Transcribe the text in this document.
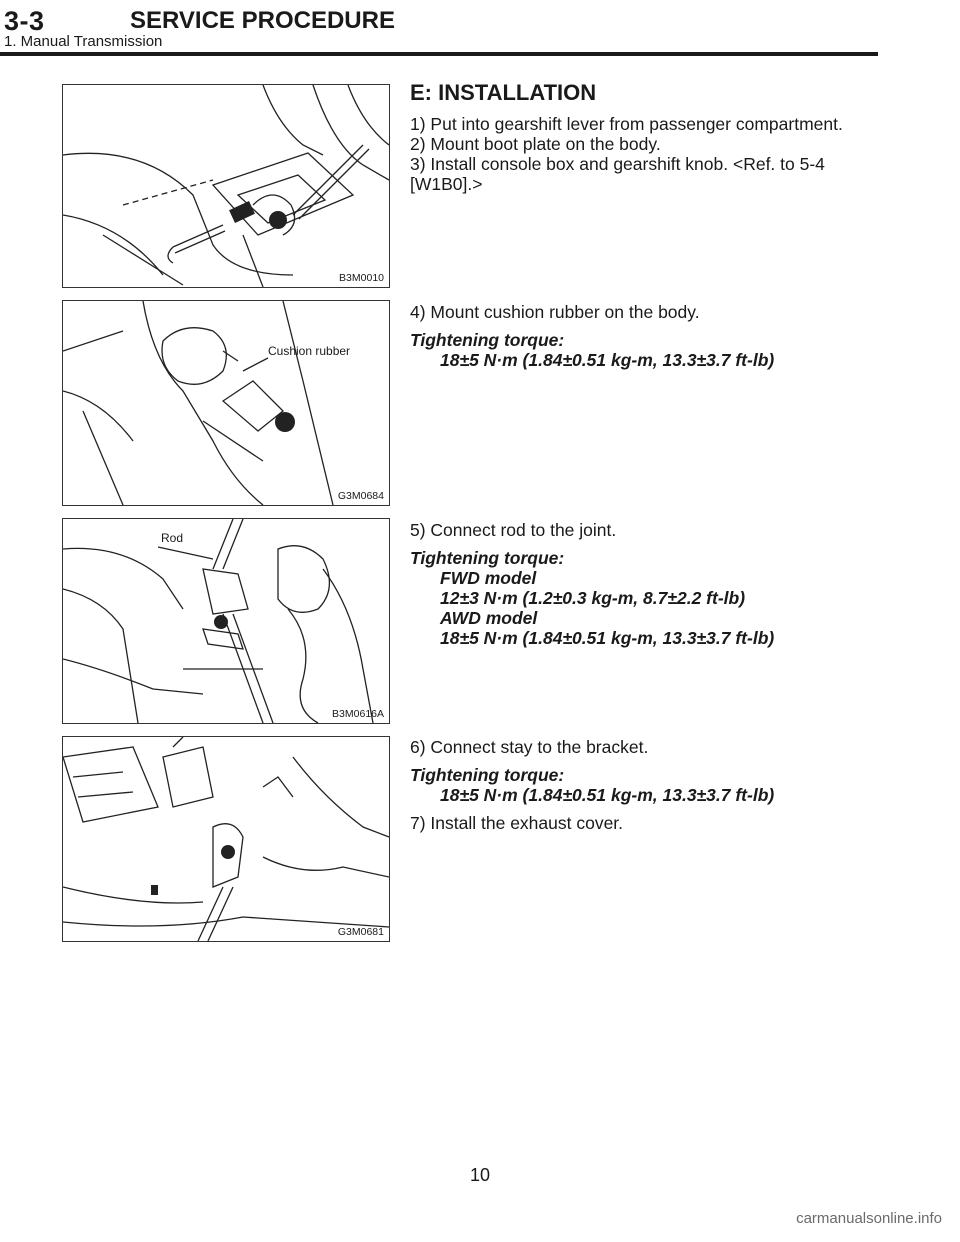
3-3	SERVICE PROCEDURE
1. Manual Transmission
B3M0010
Cushion rubber
G3M0684
Rod
B3M0616A
G3M0681
E: INSTALLATION
1) Put into gearshift lever from passenger compartment.
2) Mount boot plate on the body.
3) Install console box and gearshift knob. <Ref. to 5-4
[W1B0].>
4) Mount cushion rubber on the body.
Tightening torque:
18±5 N·m (1.84±0.51 kg-m, 13.3±3.7 ft-lb)
5) Connect rod to the joint.
Tightening torque:
FWD model
12±3 N·m (1.2±0.3 kg-m, 8.7±2.2 ft-lb)
AWD model
18±5 N·m (1.84±0.51 kg-m, 13.3±3.7 ft-lb)
6) Connect stay to the bracket.
Tightening torque:
18±5 N·m (1.84±0.51 kg-m, 13.3±3.7 ft-lb)
7) Install the exhaust cover.
10
carmanualsonline.info
